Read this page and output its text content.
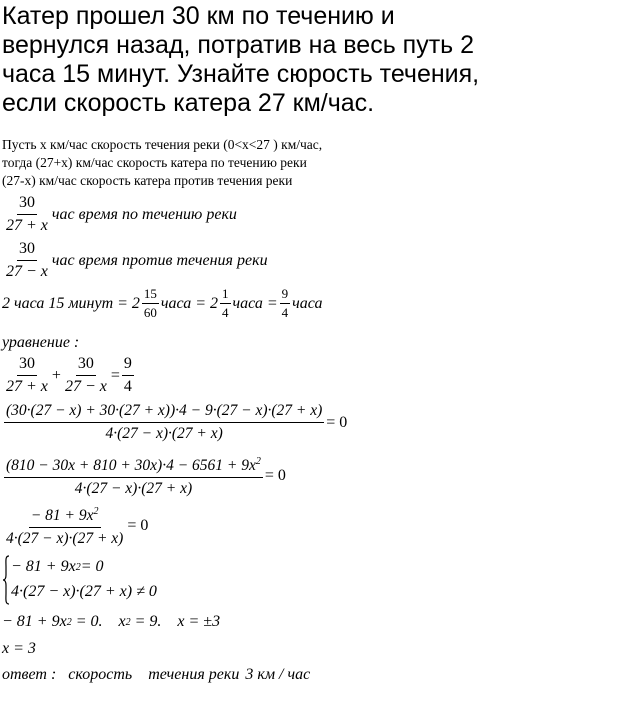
Катер прошел 30 км по течению и
вернулся назад, потратив на весь путь 2
часа 15 минут. Узнайте сюрость течения,
если скорость катера 27 км/час.
Пусть х км/час скорость течения реки (0<x<27 ) км/час,
тогда (27+х) км/час скорость катера по течению реки
(27-х) км/час скорость катера против течения реки
$\frac{30}{27 + x}$ час время по течению реки
$\frac{30}{27 - x}$ час время против течения реки
2 часа 15 минут = $2 \frac{15}{60}$ часа = $2 \frac{1}{4}$ часа = $\frac{9}{4}$ часа
уравнение :
$\frac{30}{27 + x} + \frac{30}{27 - x} = \frac{9}{4}$
$\frac{(30\cdot(27 - x) + 30\cdot(27 + x))\cdot 4 - 9\cdot(27 - x)\cdot(27 + x)}{4\cdot(27 - x)\cdot(27 + x)} = 0$
$\frac{(810 - 30x + 810 + 30x)\cdot 4 - 6561 + 9x^2}{4\cdot(27 - x)\cdot(27 + x)} = 0$
$\frac{- 81 + 9x^2}{4\cdot(27 - x)\cdot(27 + x)} = 0$
− 81 + 9x 2 = 0
4·(27 − x)·(27 + x) ≠ 0
− 81 + 9x 2 = 0.    x 2 = 9.    x = ±3
x = 3
ответ : скорость    течения реки 3 км / час
